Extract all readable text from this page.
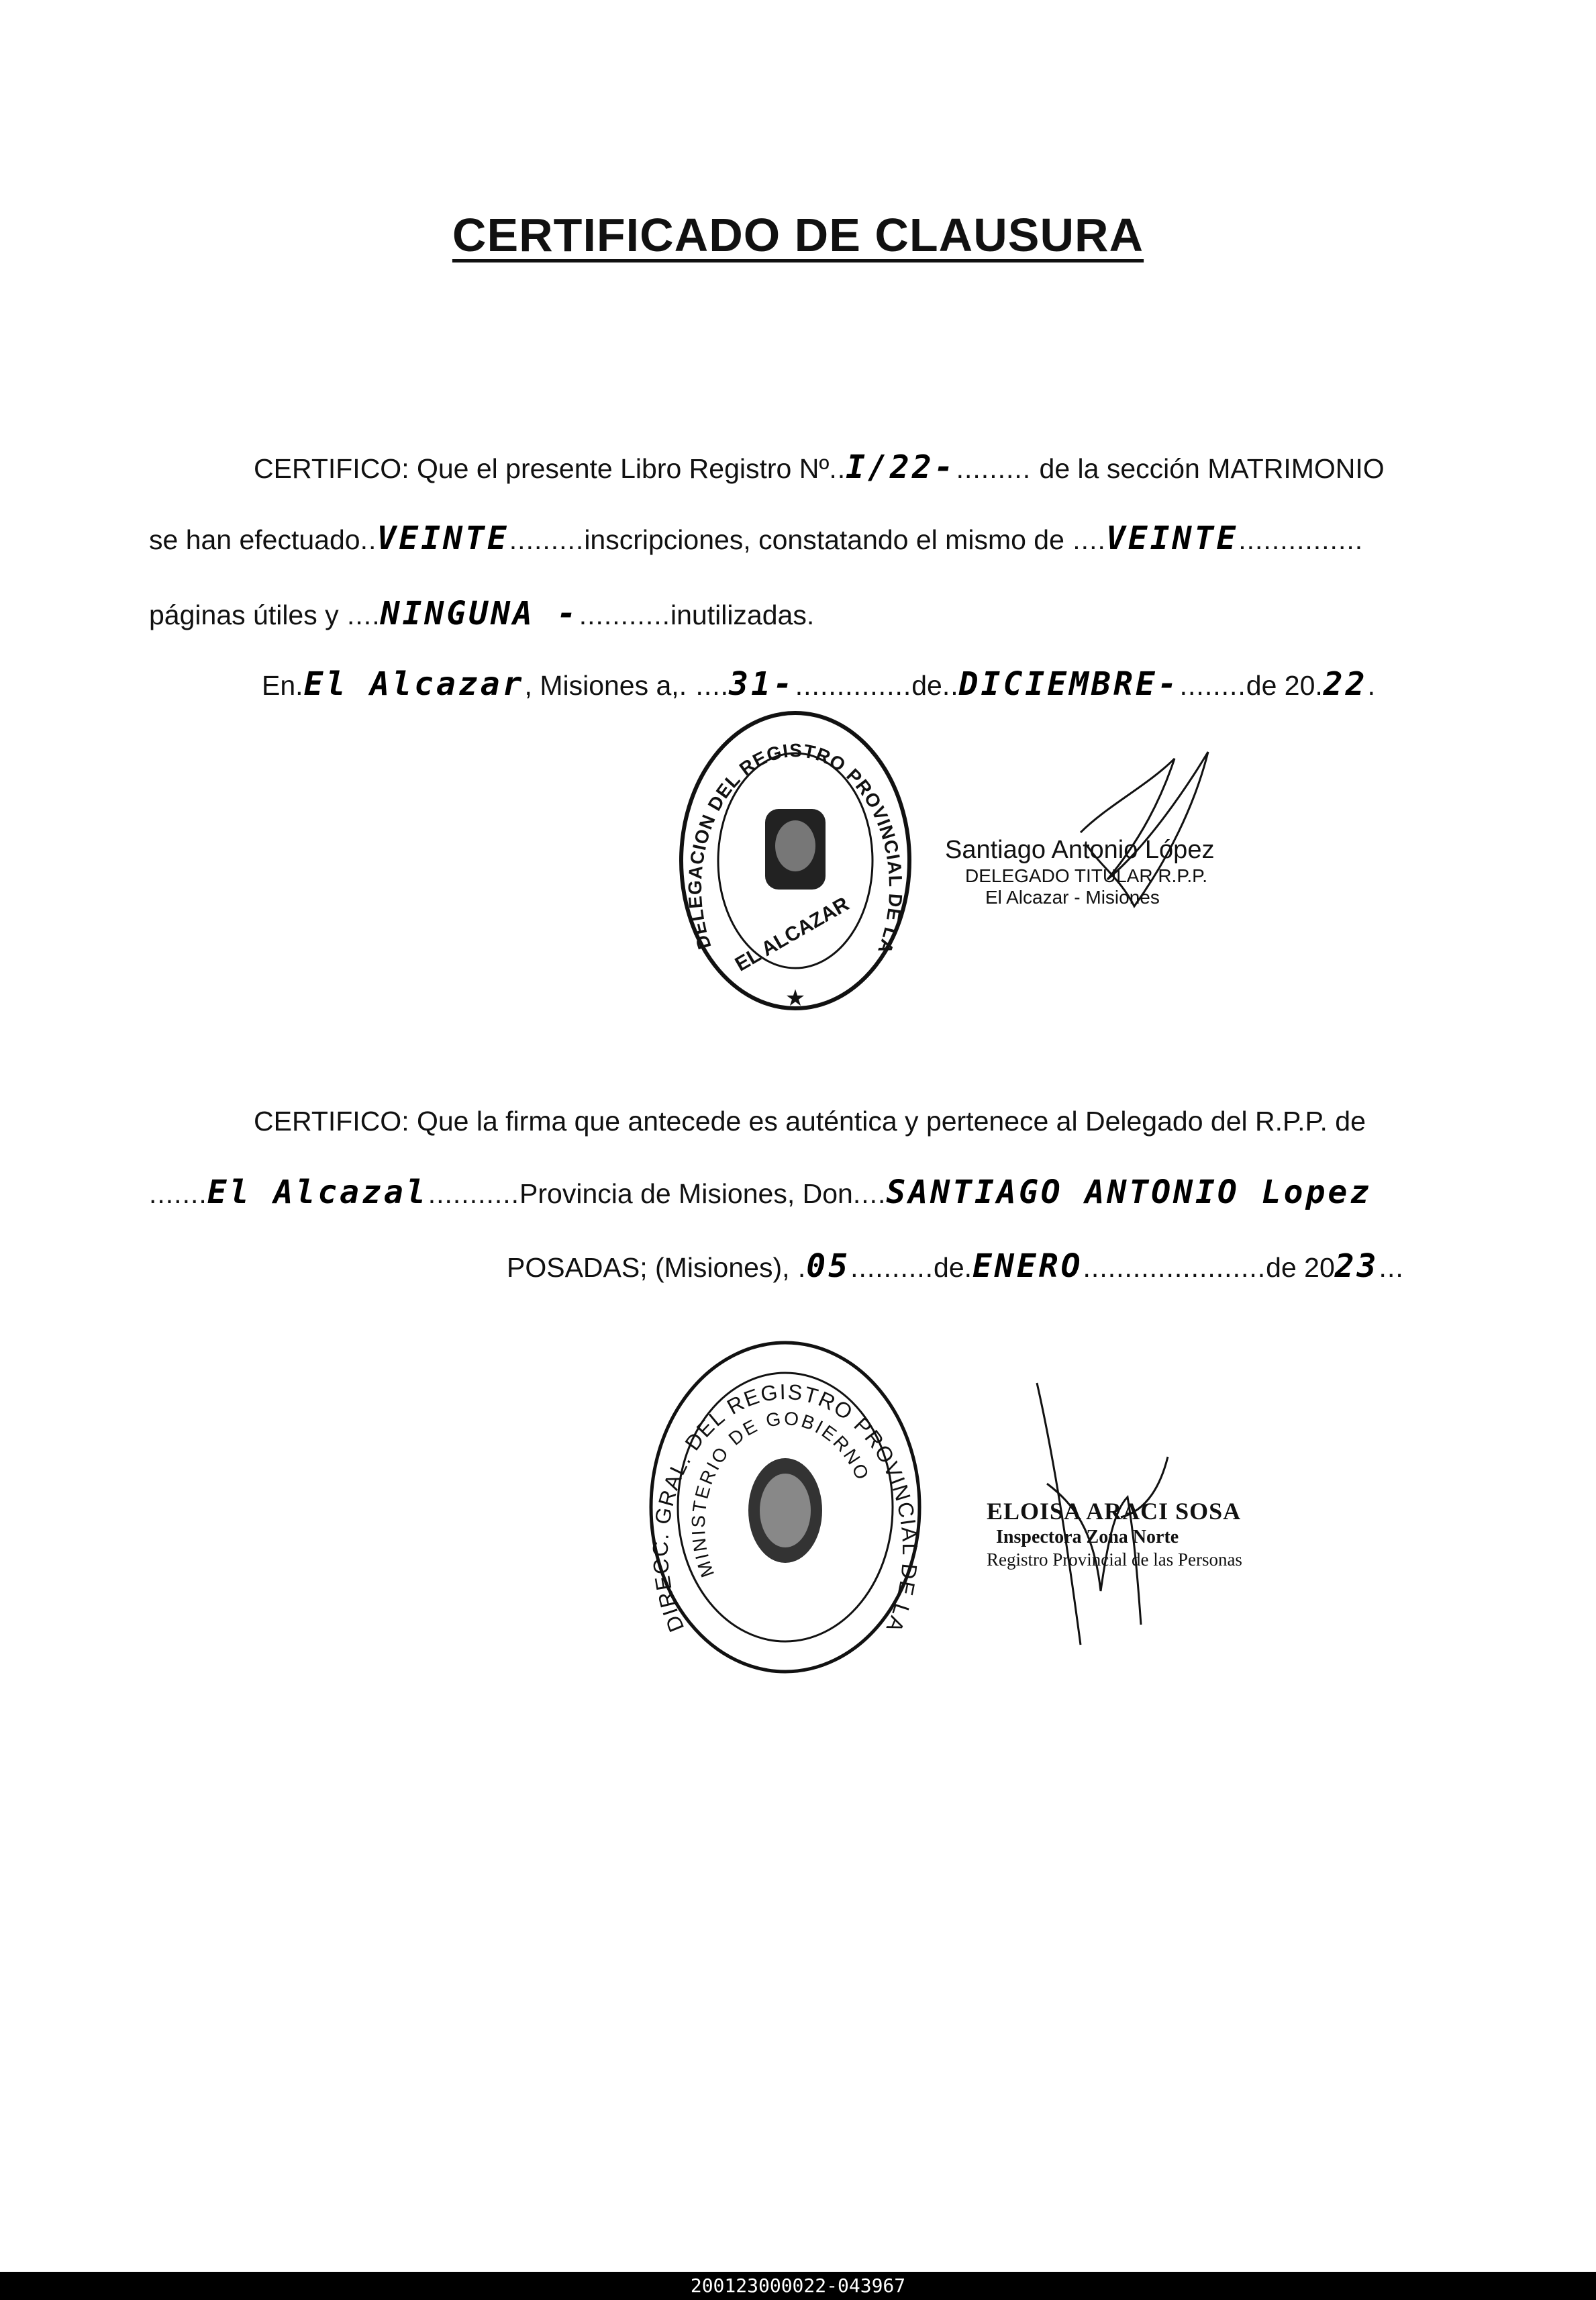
CERTIFICADO DE CLAUSURA
CERTIFICO: Que el presente Libro Registro Nº..I/22-......... de la sección MATRIMONIO
se han efectuado..VEINTE.........inscripciones, constatando el mismo de ....VEINTE...............
páginas útiles y ....NINGUNA -...........inutilizadas.
En.El Alcazar, Misiones a,. ....31-..............de..DICIEMBRE-........de 20.22.
DELEGACION DEL REGISTRO PROVINCIAL DE LA
EL ALCAZAR
★
Santiago Antonio López
DELEGADO TITULAR R.P.P.
El Alcazar - Misiones
CERTIFICO: Que la firma que antecede es auténtica y pertenece al Delegado del R.P.P. de
.......El Alcazal...........Provincia de Misiones, Don....SANTIAGO ANTONIO Lopez
POSADAS; (Misiones), .05..........de.ENERO......................de 2023...
DIRECC. GRAL. DEL REGISTRO PROVINCIAL DE LA
MINISTERIO DE GOBIERNO
ELOISA ARACI SOSA
Inspectora Zona Norte
Registro Provincial de las Personas
200123000022-043967
